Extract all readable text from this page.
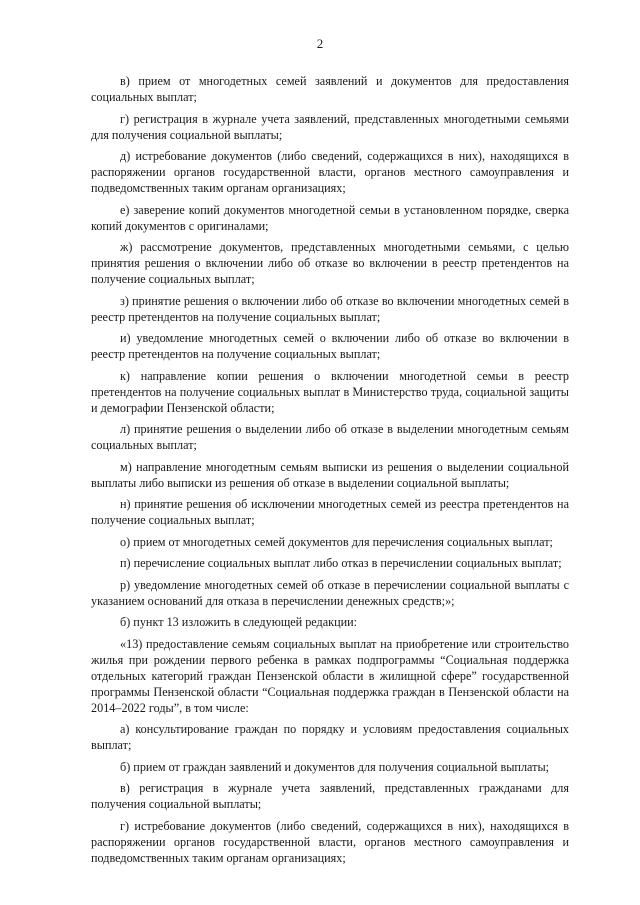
2

в) прием от многодетных семей заявлений и документов для предоставления социальных выплат;

г) регистрация в журнале учета заявлений, представленных многодетными семьями для получения социальной выплаты;

д) истребование документов (либо сведений, содержащихся в них), находящихся в распоряжении органов государственной власти, органов местного самоуправления и подведомственных таким органам организациях;

е) заверение копий документов многодетной семьи в установленном порядке, сверка копий документов с оригиналами;

ж) рассмотрение документов, представленных многодетными семьями, с целью принятия решения о включении либо об отказе во включении в реестр претендентов на получение социальных выплат;

з) принятие решения о включении либо об отказе во включении многодетных семей в реестр претендентов на получение социальных выплат;

и) уведомление многодетных семей о включении либо об отказе во включении в реестр претендентов на получение социальных выплат;

к) направление копии решения о включении многодетной семьи в реестр претендентов на получение социальных выплат в Министерство труда, социальной защиты и демографии Пензенской области;

л) принятие решения о выделении либо об отказе в выделении многодетным семьям социальных выплат;

м) направление многодетным семьям выписки из решения о выделении социальной выплаты либо выписки из решения об отказе в выделении социальной выплаты;

н) принятие решения об исключении многодетных семей из реестра претендентов на получение социальных выплат;

о) прием от многодетных семей документов для перечисления социальных выплат;

п) перечисление социальных выплат либо отказ в перечислении социальных выплат;

р) уведомление многодетных семей об отказе в перечислении социальной выплаты с указанием оснований для отказа в перечислении денежных средств;»;

б) пункт 13 изложить в следующей редакции:

«13) предоставление семьям социальных выплат на приобретение или строительство жилья при рождении первого ребенка в рамках подпрограммы “Социальная поддержка отдельных категорий граждан Пензенской области в жилищной сфере” государственной программы Пензенской области “Социальная поддержка граждан в Пензенской области на 2014–2022 годы”, в том числе:

а) консультирование граждан по порядку и условиям предоставления социальных выплат;

б) прием от граждан заявлений и документов для получения социальной выплаты;

в) регистрация в журнале учета заявлений, представленных гражданами для получения социальной выплаты;

г) истребование документов (либо сведений, содержащихся в них), находящихся в распоряжении органов государственной власти, органов местного самоуправления и подведомственных таким органам организациях;
